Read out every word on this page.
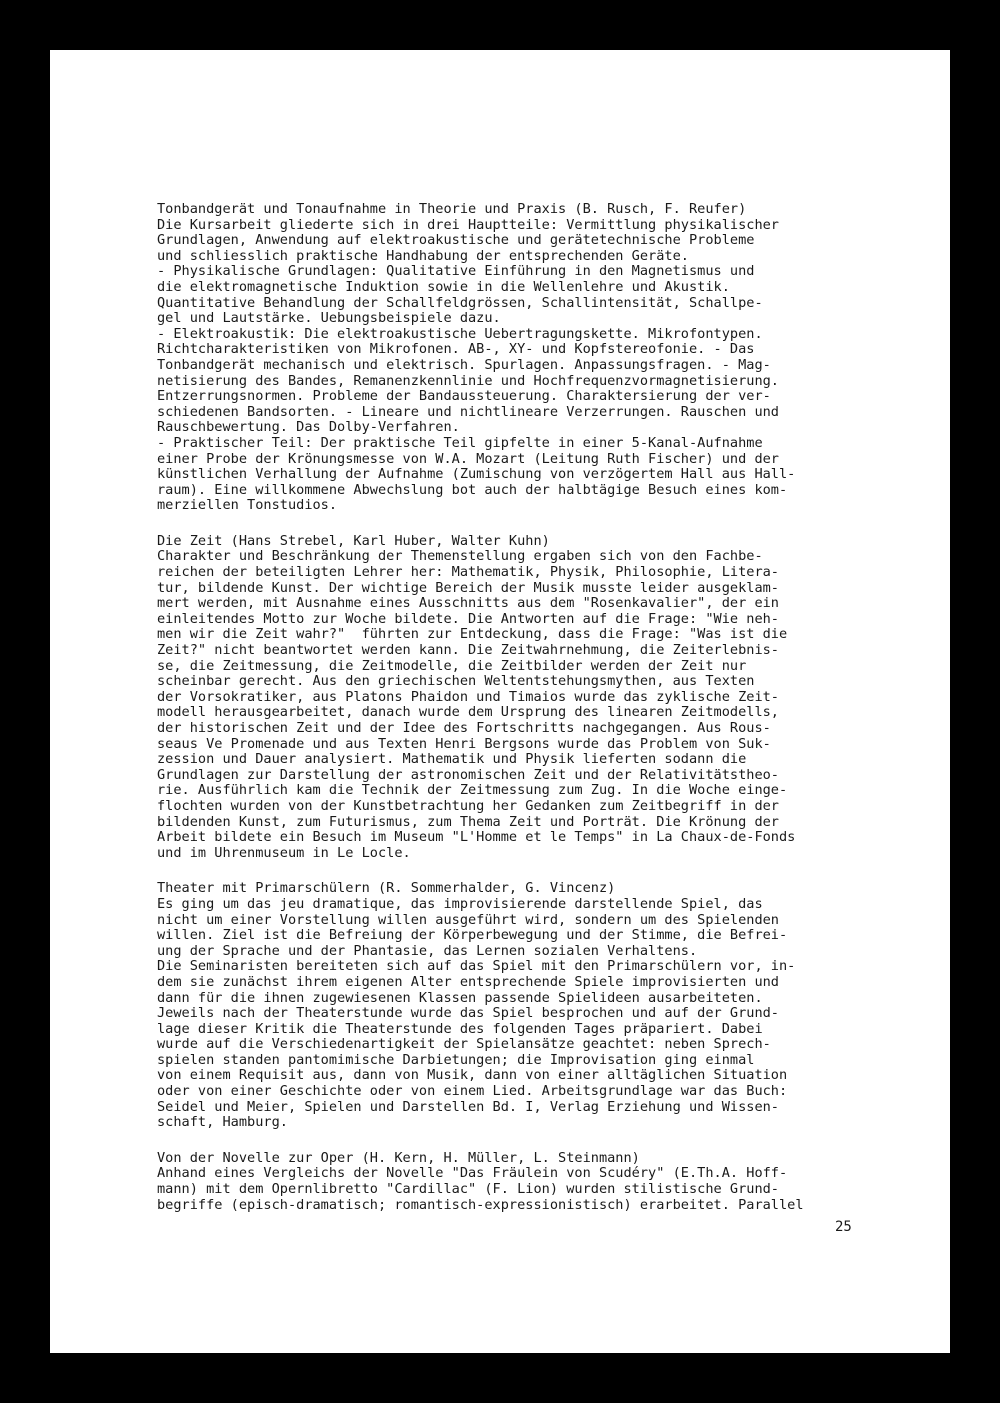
Tonbandgerät und Tonaufnahme in Theorie und Praxis (B. Rusch, F. Reufer)
Die Kursarbeit gliederte sich in drei Hauptteile: Vermittlung physikalischer
Grundlagen, Anwendung auf elektroakustische und gerätetechnische Probleme
und schliesslich praktische Handhabung der entsprechenden Geräte.
- Physikalische Grundlagen: Qualitative Einführung in den Magnetismus und
die elektromagnetische Induktion sowie in die Wellenlehre und Akustik.
Quantitative Behandlung der Schallfeldgrössen, Schallintensität, Schallpe-
gel und Lautstärke. Uebungsbeispiele dazu.
- Elektroakustik: Die elektroakustische Uebertragungskette. Mikrofontypen.
Richtcharakteristiken von Mikrofonen. AB-, XY- und Kopfstereofonie. - Das
Tonbandgerät mechanisch und elektrisch. Spurlagen. Anpassungsfragen. - Mag-
netisierung des Bandes, Remanenzkennlinie und Hochfrequenzvormagnetisierung.
Entzerrungsnormen. Probleme der Bandaussteuerung. Charaktersierung der ver-
schiedenen Bandsorten. - Lineare und nichtlineare Verzerrungen. Rauschen und
Rauschbewertung. Das Dolby-Verfahren.
- Praktischer Teil: Der praktische Teil gipfelte in einer 5-Kanal-Aufnahme
einer Probe der Krönungsmesse von W.A. Mozart (Leitung Ruth Fischer) und der
künstlichen Verhallung der Aufnahme (Zumischung von verzögertem Hall aus Hall-
raum). Eine willkommene Abwechslung bot auch der halbtägige Besuch eines kom-
merziellen Tonstudios.
Die Zeit (Hans Strebel, Karl Huber, Walter Kuhn)
Charakter und Beschränkung der Themenstellung ergaben sich von den Fachbe-
reichen der beteiligten Lehrer her: Mathematik, Physik, Philosophie, Litera-
tur, bildende Kunst. Der wichtige Bereich der Musik musste leider ausgeklam-
mert werden, mit Ausnahme eines Ausschnitts aus dem "Rosenkavalier", der ein
einleitendes Motto zur Woche bildete. Die Antworten auf die Frage: "Wie neh-
men wir die Zeit wahr?"  führten zur Entdeckung, dass die Frage: "Was ist die
Zeit?" nicht beantwortet werden kann. Die Zeitwahrnehmung, die Zeiterlebnis-
se, die Zeitmessung, die Zeitmodelle, die Zeitbilder werden der Zeit nur
scheinbar gerecht. Aus den griechischen Weltentstehungsmythen, aus Texten
der Vorsokratiker, aus Platons Phaidon und Timaios wurde das zyklische Zeit-
modell herausgearbeitet, danach wurde dem Ursprung des linearen Zeitmodells,
der historischen Zeit und der Idee des Fortschritts nachgegangen. Aus Rous-
seaus Ve Promenade und aus Texten Henri Bergsons wurde das Problem von Suk-
zession und Dauer analysiert. Mathematik und Physik lieferten sodann die
Grundlagen zur Darstellung der astronomischen Zeit und der Relativitätstheo-
rie. Ausführlich kam die Technik der Zeitmessung zum Zug. In die Woche einge-
flochten wurden von der Kunstbetrachtung her Gedanken zum Zeitbegriff in der
bildenden Kunst, zum Futurismus, zum Thema Zeit und Porträt. Die Krönung der
Arbeit bildete ein Besuch im Museum "L'Homme et le Temps" in La Chaux-de-Fonds
und im Uhrenmuseum in Le Locle.
Theater mit Primarschülern (R. Sommerhalder, G. Vincenz)
Es ging um das jeu dramatique, das improvisierende darstellende Spiel, das
nicht um einer Vorstellung willen ausgeführt wird, sondern um des Spielenden
willen. Ziel ist die Befreiung der Körperbewegung und der Stimme, die Befrei-
ung der Sprache und der Phantasie, das Lernen sozialen Verhaltens.
Die Seminaristen bereiteten sich auf das Spiel mit den Primarschülern vor, in-
dem sie zunächst ihrem eigenen Alter entsprechende Spiele improvisierten und
dann für die ihnen zugewiesenen Klassen passende Spielideen ausarbeiteten.
Jeweils nach der Theaterstunde wurde das Spiel besprochen und auf der Grund-
lage dieser Kritik die Theaterstunde des folgenden Tages präpariert. Dabei
wurde auf die Verschiedenartigkeit der Spielansätze geachtet: neben Sprech-
spielen standen pantomimische Darbietungen; die Improvisation ging einmal
von einem Requisit aus, dann von Musik, dann von einer alltäglichen Situation
oder von einer Geschichte oder von einem Lied. Arbeitsgrundlage war das Buch:
Seidel und Meier, Spielen und Darstellen Bd. I, Verlag Erziehung und Wissen-
schaft, Hamburg.
Von der Novelle zur Oper (H. Kern, H. Müller, L. Steinmann)
Anhand eines Vergleichs der Novelle "Das Fräulein von Scudéry" (E.Th.A. Hoff-
mann) mit dem Opernlibretto "Cardillac" (F. Lion) wurden stilistische Grund-
begriffe (episch-dramatisch; romantisch-expressionistisch) erarbeitet. Parallel
25
